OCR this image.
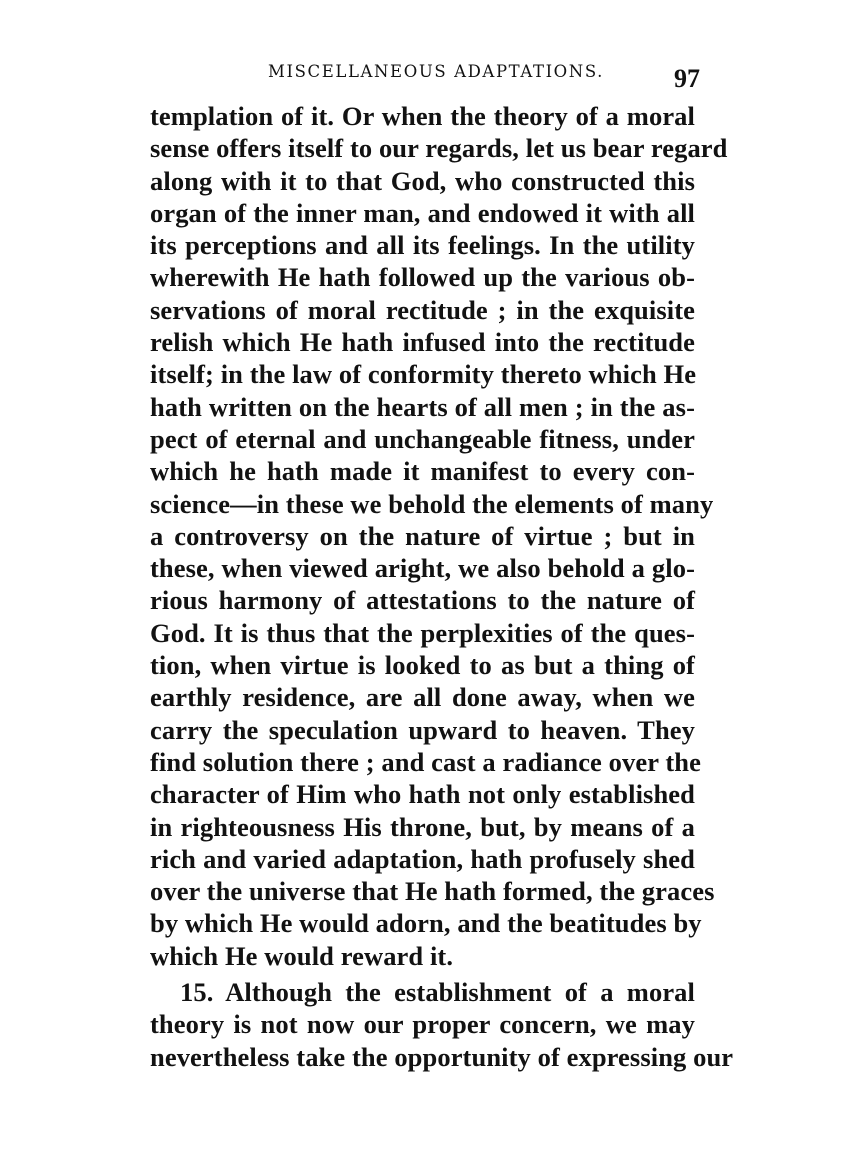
MISCELLANEOUS ADAPTATIONS.	97
templation of it. Or when the theory of a moral
sense offers itself to our regards, let us bear regard
along with it to that God, who constructed this
organ of the inner man, and endowed it with all
its perceptions and all its feelings. In the utility
wherewith He hath followed up the various ob-
servations of moral rectitude ; in the exquisite
relish which He hath infused into the rectitude
itself; in the law of conformity thereto which He
hath written on the hearts of all men ; in the as-
pect of eternal and unchangeable fitness, under
which he hath made it manifest to every con-
science—in these we behold the elements of many
a controversy on the nature of virtue ; but in
these, when viewed aright, we also behold a glo-
rious harmony of attestations to the nature of
God. It is thus that the perplexities of the ques-
tion, when virtue is looked to as but a thing of
earthly residence, are all done away, when we
carry the speculation upward to heaven. They
find solution there ; and cast a radiance over the
character of Him who hath not only established
in righteousness His throne, but, by means of a
rich and varied adaptation, hath profusely shed
over the universe that He hath formed, the graces
by which He would adorn, and the beatitudes by
which He would reward it.
15. Although the establishment of a moral
theory is not now our proper concern, we may
nevertheless take the opportunity of expressing our
